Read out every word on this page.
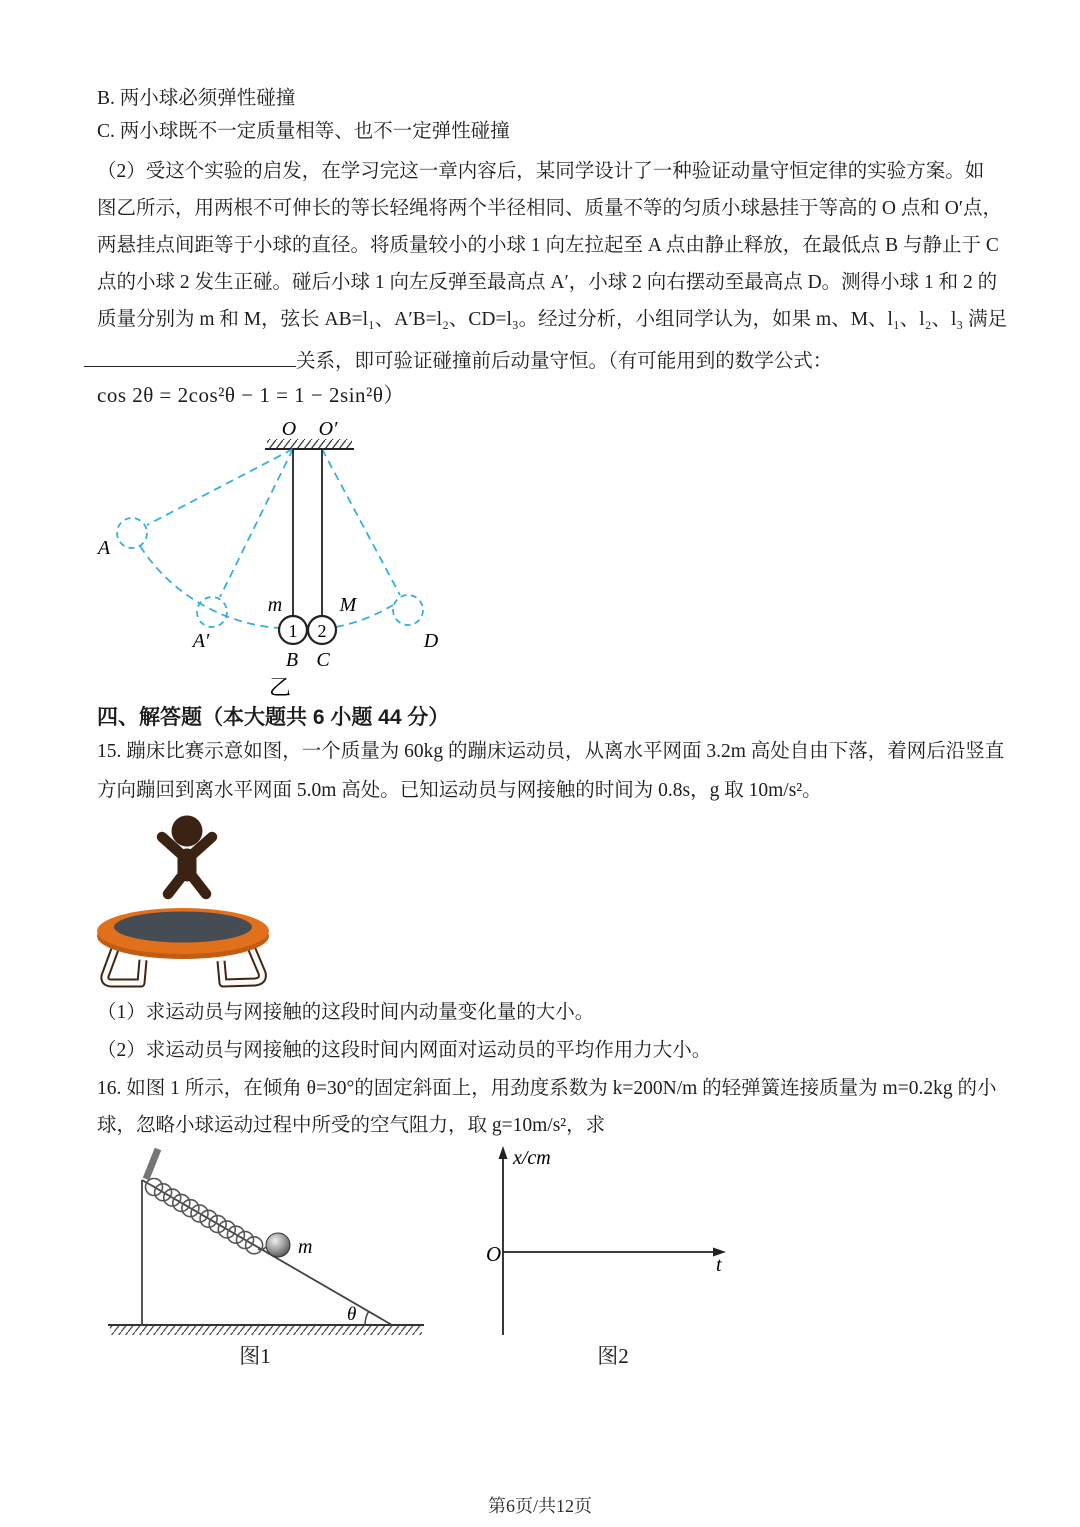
B. 两小球必须弹性碰撞
C. 两小球既不一定质量相等、也不一定弹性碰撞
（2）受这个实验的启发，在学习完这一章内容后，某同学设计了一种验证动量守恒定律的实验方案。如
图乙所示，用两根不可伸长的等长轻绳将两个半径相同、质量不等的匀质小球悬挂于等高的 O 点和 O′点，
两悬挂点间距等于小球的直径。将质量较小的小球 1 向左拉起至 A 点由静止释放，在最低点 B 与静止于 C
点的小球 2 发生正碰。碰后小球 1 向左反弹至最高点 A′，小球 2 向右摆动至最高点 D。测得小球 1 和 2 的
质量分别为 m 和 M，弦长 AB=l₁、A′B=l₂、CD=l₃。经过分析，小组同学认为，如果 m、M、l₁、l₂、l₃ 满足
关系，即可验证碰撞前后动量守恒。（有可能用到的数学公式：
cos 2θ = 2cos²θ − 1 = 1 − 2sin²θ）
O O′
1 2
m	M
A
A′	D
B C
乙
四、解答题（本大题共 6 小题 44 分）
15. 蹦床比赛示意如图，一个质量为 60kg 的蹦床运动员，从离水平网面 3.2m 高处自由下落，着网后沿竖直
方向蹦回到离水平网面 5.0m 高处。已知运动员与网接触的时间为 0.8s，g 取 10m/s²。
（1）求运动员与网接触的这段时间内动量变化量的大小。
（2）求运动员与网接触的这段时间内网面对运动员的平均作用力大小。
16. 如图 1 所示，在倾角 θ=30°的固定斜面上，用劲度系数为 k=200N/m 的轻弹簧连接质量为 m=0.2kg 的小
球，忽略小球运动过程中所受的空气阻力，取 g=10m/s²，求
m
θ
图1
x/cm
O	t
图2
第6页/共12页
